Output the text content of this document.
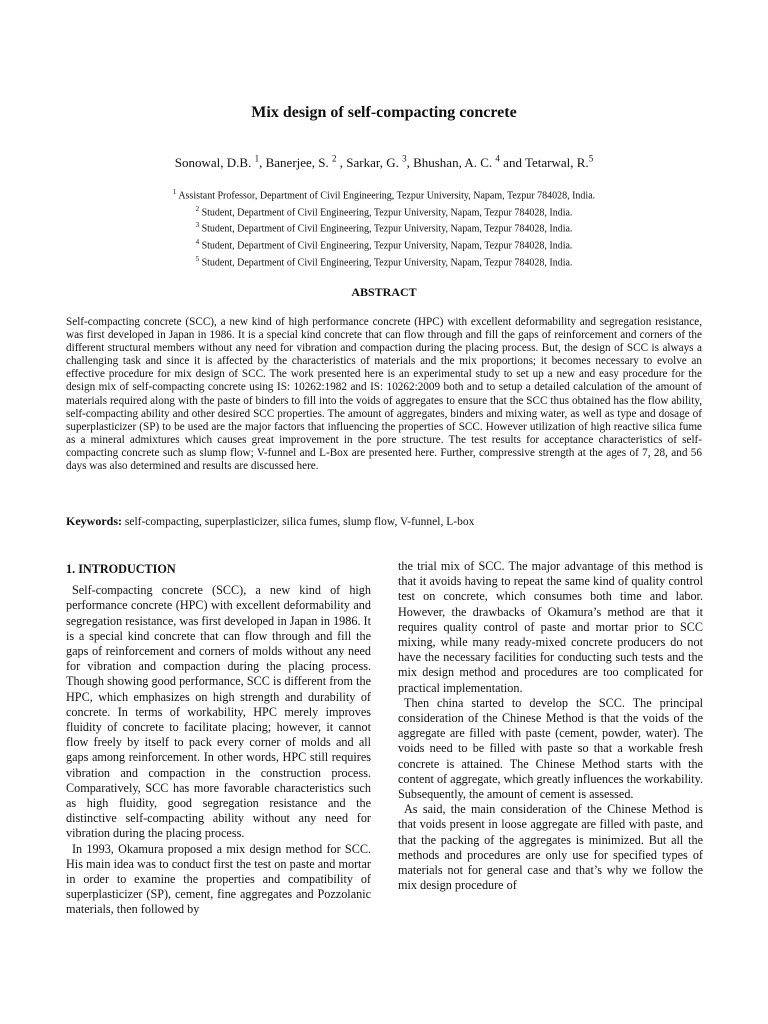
Mix design of self-compacting concrete
Sonowal, D.B. $^1$, Banerjee, S. $^2$ , Sarkar, G. $^3$, Bhushan, A. C. $^4$ and Tetarwal, R.$^5$
$^1$ Assistant Professor, Department of Civil Engineering, Tezpur University, Napam, Tezpur 784028, India.
$^2$ Student, Department of Civil Engineering, Tezpur University, Napam, Tezpur 784028, India.
$^3$ Student, Department of Civil Engineering, Tezpur University, Napam, Tezpur 784028, India.
$^4$ Student, Department of Civil Engineering, Tezpur University, Napam, Tezpur 784028, India.
$^5$ Student, Department of Civil Engineering, Tezpur University, Napam, Tezpur 784028, India.
ABSTRACT
Self-compacting concrete (SCC), a new kind of high performance concrete (HPC) with excellent deformability and segregation resistance, was first developed in Japan in 1986. It is a special kind concrete that can flow through and fill the gaps of reinforcement and corners of the different structural members without any need for vibration and compaction during the placing process. But, the design of SCC is always a challenging task and since it is affected by the characteristics of materials and the mix proportions; it becomes necessary to evolve an effective procedure for mix design of SCC. The work presented here is an experimental study to set up a new and easy procedure for the design mix of self-compacting concrete using IS: 10262:1982 and IS: 10262:2009 both and to setup a detailed calculation of the amount of materials required along with the paste of binders to fill into the voids of aggregates to ensure that the SCC thus obtained has the flow ability, self-compacting ability and other desired SCC properties. The amount of aggregates, binders and mixing water, as well as type and dosage of superplasticizer (SP) to be used are the major factors that influencing the properties of SCC. However utilization of high reactive silica fume as a mineral admixtures which causes great improvement in the pore structure. The test results for acceptance characteristics of self-compacting concrete such as slump flow; V-funnel and L-Box are presented here. Further, compressive strength at the ages of 7, 28, and 56 days was also determined and results are discussed here.
Keywords: self-compacting, superplasticizer, silica fumes, slump flow, V-funnel, L-box
1. INTRODUCTION

Self-compacting concrete (SCC), a new kind of high performance concrete (HPC) with excellent deformability and segregation resistance, was first developed in Japan in 1986. It is a special kind concrete that can flow through and fill the gaps of reinforcement and corners of molds without any need for vibration and compaction during the placing process. Though showing good performance, SCC is different from the HPC, which emphasizes on high strength and durability of concrete. In terms of workability, HPC merely improves fluidity of concrete to facilitate placing; however, it cannot flow freely by itself to pack every corner of molds and all gaps among reinforcement. In other words, HPC still requires vibration and compaction in the construction process. Comparatively, SCC has more favorable characteristics such as high fluidity, good segregation resistance and the distinctive self-compacting ability without any need for vibration during the placing process.

In 1993, Okamura proposed a mix design method for SCC. His main idea was to conduct first the test on paste and mortar in order to examine the properties and compatibility of superplasticizer (SP), cement, fine aggregates and Pozzolanic materials, then followed by

the trial mix of SCC. The major advantage of this method is that it avoids having to repeat the same kind of quality control test on concrete, which consumes both time and labor. However, the drawbacks of Okamura’s method are that it requires quality control of paste and mortar prior to SCC mixing, while many ready-mixed concrete producers do not have the necessary facilities for conducting such tests and the mix design method and procedures are too complicated for practical implementation.

Then china started to develop the SCC. The principal consideration of the Chinese Method is that the voids of the aggregate are filled with paste (cement, powder, water). The voids need to be filled with paste so that a workable fresh concrete is attained. The Chinese Method starts with the content of aggregate, which greatly influences the workability. Subsequently, the amount of cement is assessed.

As said, the main consideration of the Chinese Method is that voids present in loose aggregate are filled with paste, and that the packing of the aggregates is minimized. But all the methods and procedures are only use for specified types of materials not for general case and that’s why we follow the mix design procedure of
